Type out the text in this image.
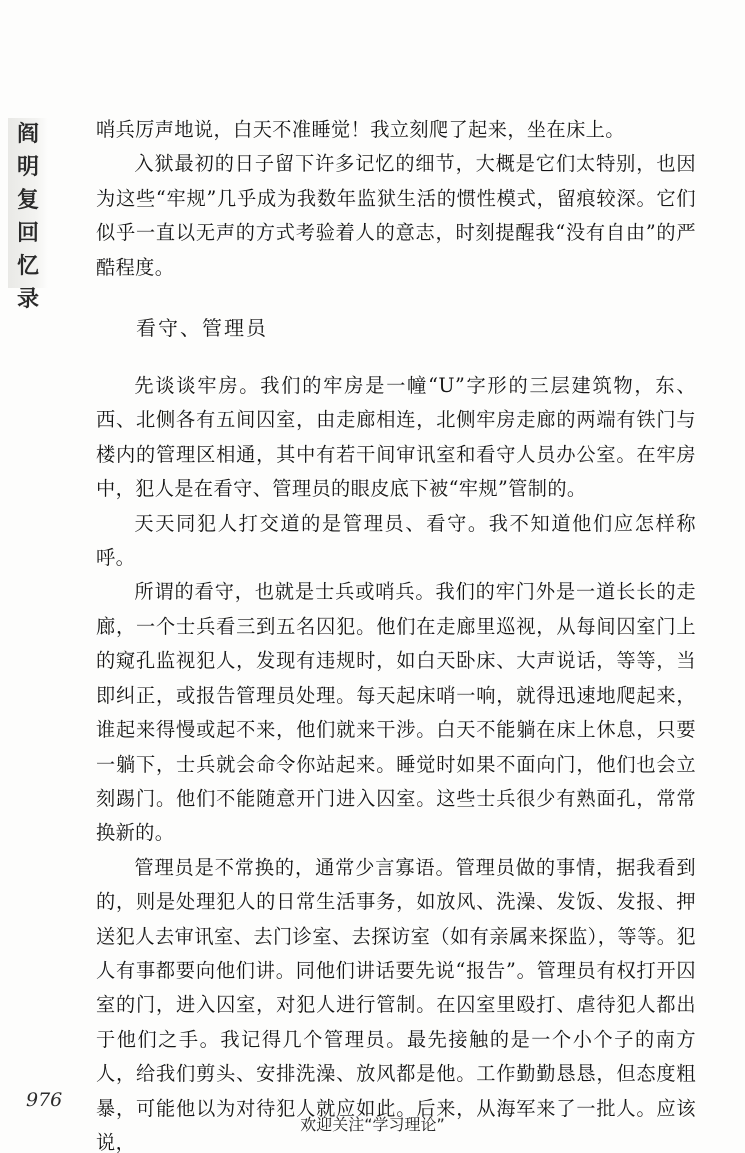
阎
明
复
回
忆
录

哨兵厉声地说，白天不准睡觉！我立刻爬了起来，坐在床上。

入狱最初的日子留下许多记忆的细节，大概是它们太特别，也因为这些“牢规”几乎成为我数年监狱生活的惯性模式，留痕较深。它们似乎一直以无声的方式考验着人的意志，时刻提醒我“没有自由”的严酷程度。

看守、管理员

先谈谈牢房。我们的牢房是一幢“U”字形的三层建筑物，东、西、北侧各有五间囚室，由走廊相连，北侧牢房走廊的两端有铁门与楼内的管理区相通，其中有若干间审讯室和看守人员办公室。在牢房中，犯人是在看守、管理员的眼皮底下被“牢规”管制的。

天天同犯人打交道的是管理员、看守。我不知道他们应怎样称呼。

所谓的看守，也就是士兵或哨兵。我们的牢门外是一道长长的走廊，一个士兵看三到五名囚犯。他们在走廊里巡视，从每间囚室门上的窥孔监视犯人，发现有违规时，如白天卧床、大声说话，等等，当即纠正，或报告管理员处理。每天起床哨一响，就得迅速地爬起来，谁起来得慢或起不来，他们就来干涉。白天不能躺在床上休息，只要一躺下，士兵就会命令你站起来。睡觉时如果不面向门，他们也会立刻踢门。他们不能随意开门进入囚室。这些士兵很少有熟面孔，常常换新的。

管理员是不常换的，通常少言寡语。管理员做的事情，据我看到的，则是处理犯人的日常生活事务，如放风、洗澡、发饭、发报、押送犯人去审讯室、去门诊室、去探访室（如有亲属来探监），等等。犯人有事都要向他们讲。同他们讲话要先说“报告”。管理员有权打开囚室的门，进入囚室，对犯人进行管制。在囚室里殴打、虐待犯人都出于他们之手。我记得几个管理员。最先接触的是一个小个子的南方人，给我们剪头、安排洗澡、放风都是他。工作勤勤恳恳，但态度粗暴，可能他以为对待犯人就应如此。后来，从海军来了一批人。应该说，

976
欢迎关注“学习理论”
